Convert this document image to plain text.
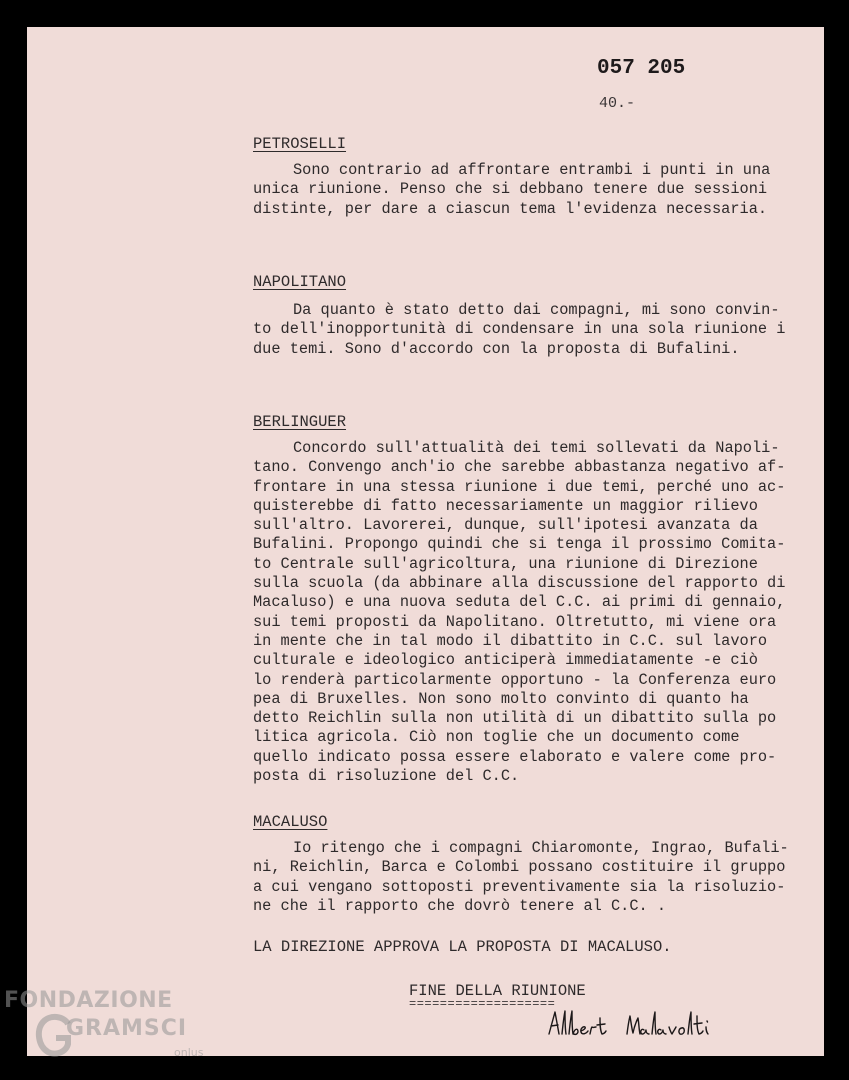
057 205
40.-
PETROSELLI
Sono contrario ad affrontare entrambi i punti in una
unica riunione. Penso che si debbano tenere due sessioni
distinte, per dare a ciascun tema l'evidenza necessaria.
NAPOLITANO
Da quanto è stato detto dai compagni, mi sono convin-
to dell'inopportunità di condensare in una sola riunione i
due temi. Sono d'accordo con la proposta di Bufalini.
BERLINGUER
Concordo sull'attualità dei temi sollevati da Napoli-
tano. Convengo anch'io che sarebbe abbastanza negativo af-
frontare in una stessa riunione i due temi, perché uno ac-
quisterebbe di fatto necessariamente un maggior rilievo
sull'altro. Lavorerei, dunque, sull'ipotesi avanzata da
Bufalini. Propongo quindi che si tenga il prossimo Comita-
to Centrale sull'agricoltura, una riunione di Direzione
sulla scuola (da abbinare alla discussione del rapporto di
Macaluso) e una nuova seduta del C.C. ai primi di gennaio,
sui temi proposti da Napolitano. Oltretutto, mi viene ora
in mente che in tal modo il dibattito in C.C. sul lavoro
culturale e ideologico anticiperà immediatamente -e ciò
lo renderà particolarmente opportuno - la Conferenza euro
pea di Bruxelles. Non sono molto convinto di quanto ha
detto Reichlin sulla non utilità di un dibattito sulla po
litica agricola. Ciò non toglie che un documento come
quello indicato possa essere elaborato e valere come pro-
posta di risoluzione del C.C.
MACALUSO
Io ritengo che i compagni Chiaromonte, Ingrao, Bufali-
ni, Reichlin, Barca e Colombi possano costituire il gruppo
a cui vengano sottoposti preventivamente sia la risoluzio-
ne che il rapporto che dovrò tenere al C.C. .
LA DIREZIONE APPROVA LA PROPOSTA DI MACALUSO.
FINE DELLA RIUNIONE
===================
FONDAZIONE
GRAMSCI
onlus
